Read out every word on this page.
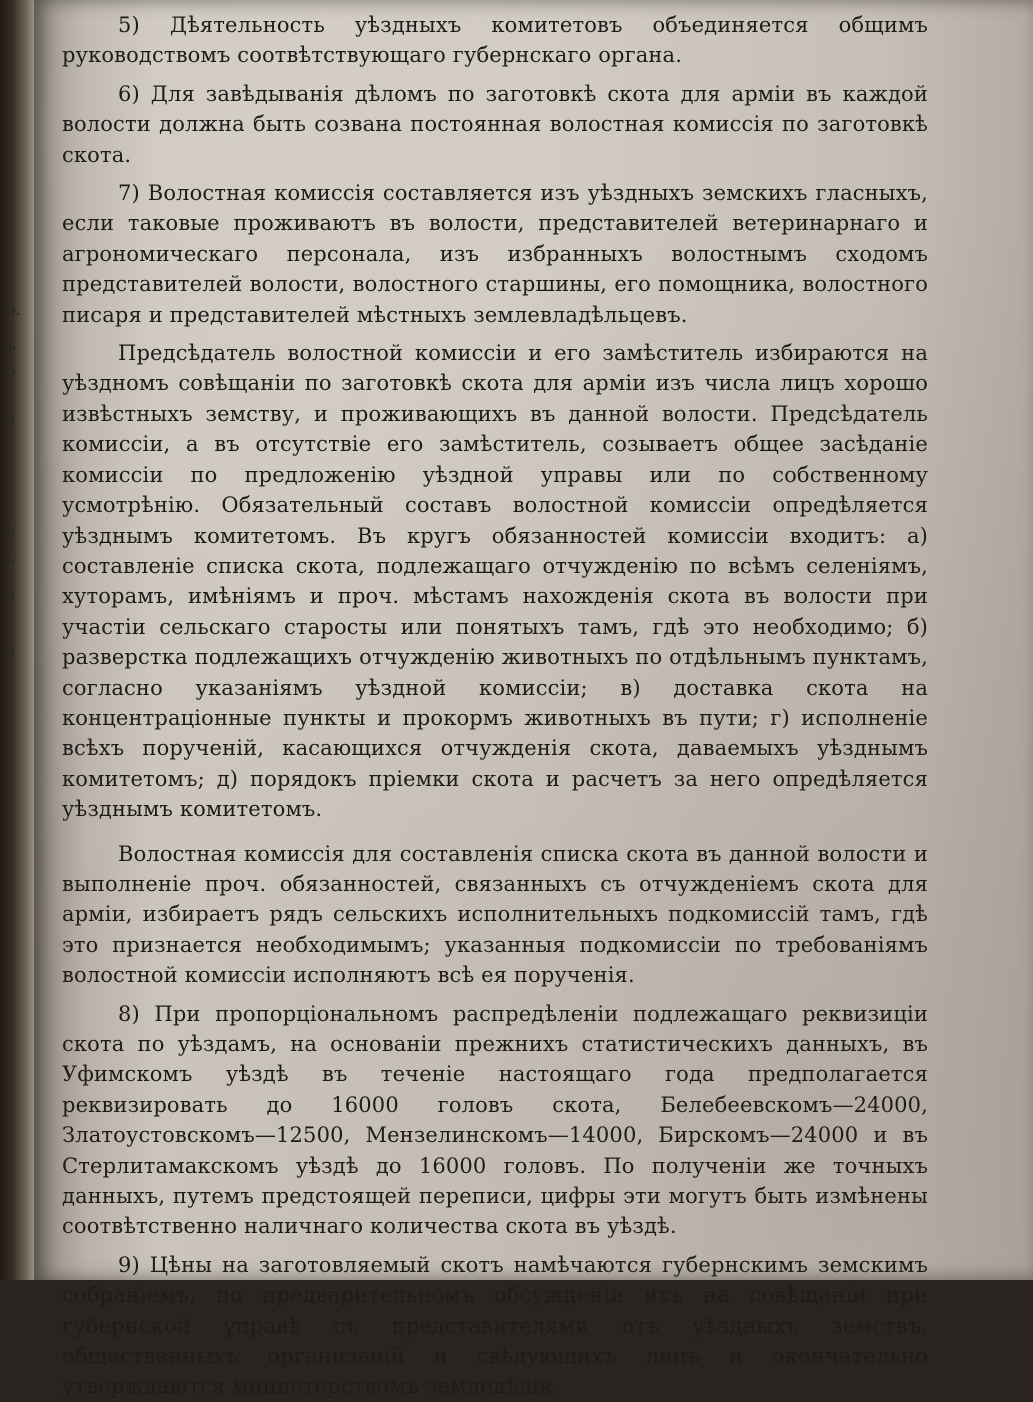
о.
ъ
о
з
ь
ь
з
з

5) Дѣятельность уѣздныхъ комитетовъ объединяется общимъ руководствомъ соотвѣтствующаго губернскаго органа.

6) Для завѣдыванія дѣломъ по заготовкѣ скота для арміи въ каждой волости должна быть созвана постоянная волостная комиссія по заготовкѣ скота.

7) Волостная комиссія составляется изъ уѣздныхъ земскихъ гласныхъ, если таковые проживаютъ въ волости, представителей ветеринарнаго и агрономическаго персонала, изъ избранныхъ волостнымъ сходомъ представителей волости, волостного старшины, его помощника, волостного писаря и представителей мѣстныхъ землевладѣльцевъ.

Предсѣдатель волостной комиссіи и его замѣститель избираются на уѣздномъ совѣщаніи по заготовкѣ скота для арміи изъ числа лицъ хорошо извѣстныхъ земству, и проживающихъ въ данной волости. Предсѣдатель комиссіи, а въ отсутствіе его замѣститель, созываетъ общее засѣданіе комиссіи по предложенію уѣздной управы или по собственному усмотрѣнію. Обязательный составъ волостной комиссіи опредѣляется уѣзднымъ комитетомъ. Въ кругъ обязанностей комиссіи входитъ: а) составленіе списка скота, подлежащаго отчужденію по всѣмъ селеніямъ, хуторамъ, имѣніямъ и проч. мѣстамъ нахожденія скота въ волости при участіи сельскаго старосты или понятыхъ тамъ, гдѣ это необходимо; б) разверстка подлежащихъ отчужденію животныхъ по отдѣльнымъ пунктамъ, согласно указаніямъ уѣздной комиссіи; в) доставка скота на концентраціонные пункты и прокормъ животныхъ въ пути; г) исполненіе всѣхъ порученій, касающихся отчужденія скота, даваемыхъ уѣзднымъ комитетомъ; д) порядокъ пріемки скота и расчетъ за него опредѣляется уѣзднымъ комитетомъ.

Волостная комиссія для составленія списка скота въ данной волости и выполненіе проч. обязанностей, связанныхъ съ отчужденіемъ скота для арміи, избираетъ рядъ сельскихъ исполнительныхъ подкомиссій тамъ, гдѣ это признается необходимымъ; указанныя подкомиссіи по требованіямъ волостной комиссіи исполняютъ всѣ ея порученія.

8) При пропорціональномъ распредѣленіи подлежащаго реквизиціи скота по уѣздамъ, на основаніи прежнихъ статистическихъ данныхъ, въ Уфимскомъ уѣздѣ въ теченіе настоящаго года предполагается реквизировать до 16000 головъ скота, Белебеевскомъ—24000, Златоустовскомъ—12500, Мензелинскомъ—14000, Бирскомъ—24000 и въ Стерлитамакскомъ уѣздѣ до 16000 головъ. По полученіи же точныхъ данныхъ, путемъ предстоящей переписи, цифры эти могутъ быть измѣнены соотвѣтственно наличнаго количества скота въ уѣздѣ.

9) Цѣны на заготовляемый скотъ намѣчаются губернскимъ земскимъ собраніемъ, по предварительномъ обсужденіи ихъ на совѣщаніи при губернской управѣ съ представителями отъ уѣздныхъ земствъ, общественныхъ организацій и свѣдующихъ лицъ и окончательно утверждаются министерствомъ земледѣлія.
